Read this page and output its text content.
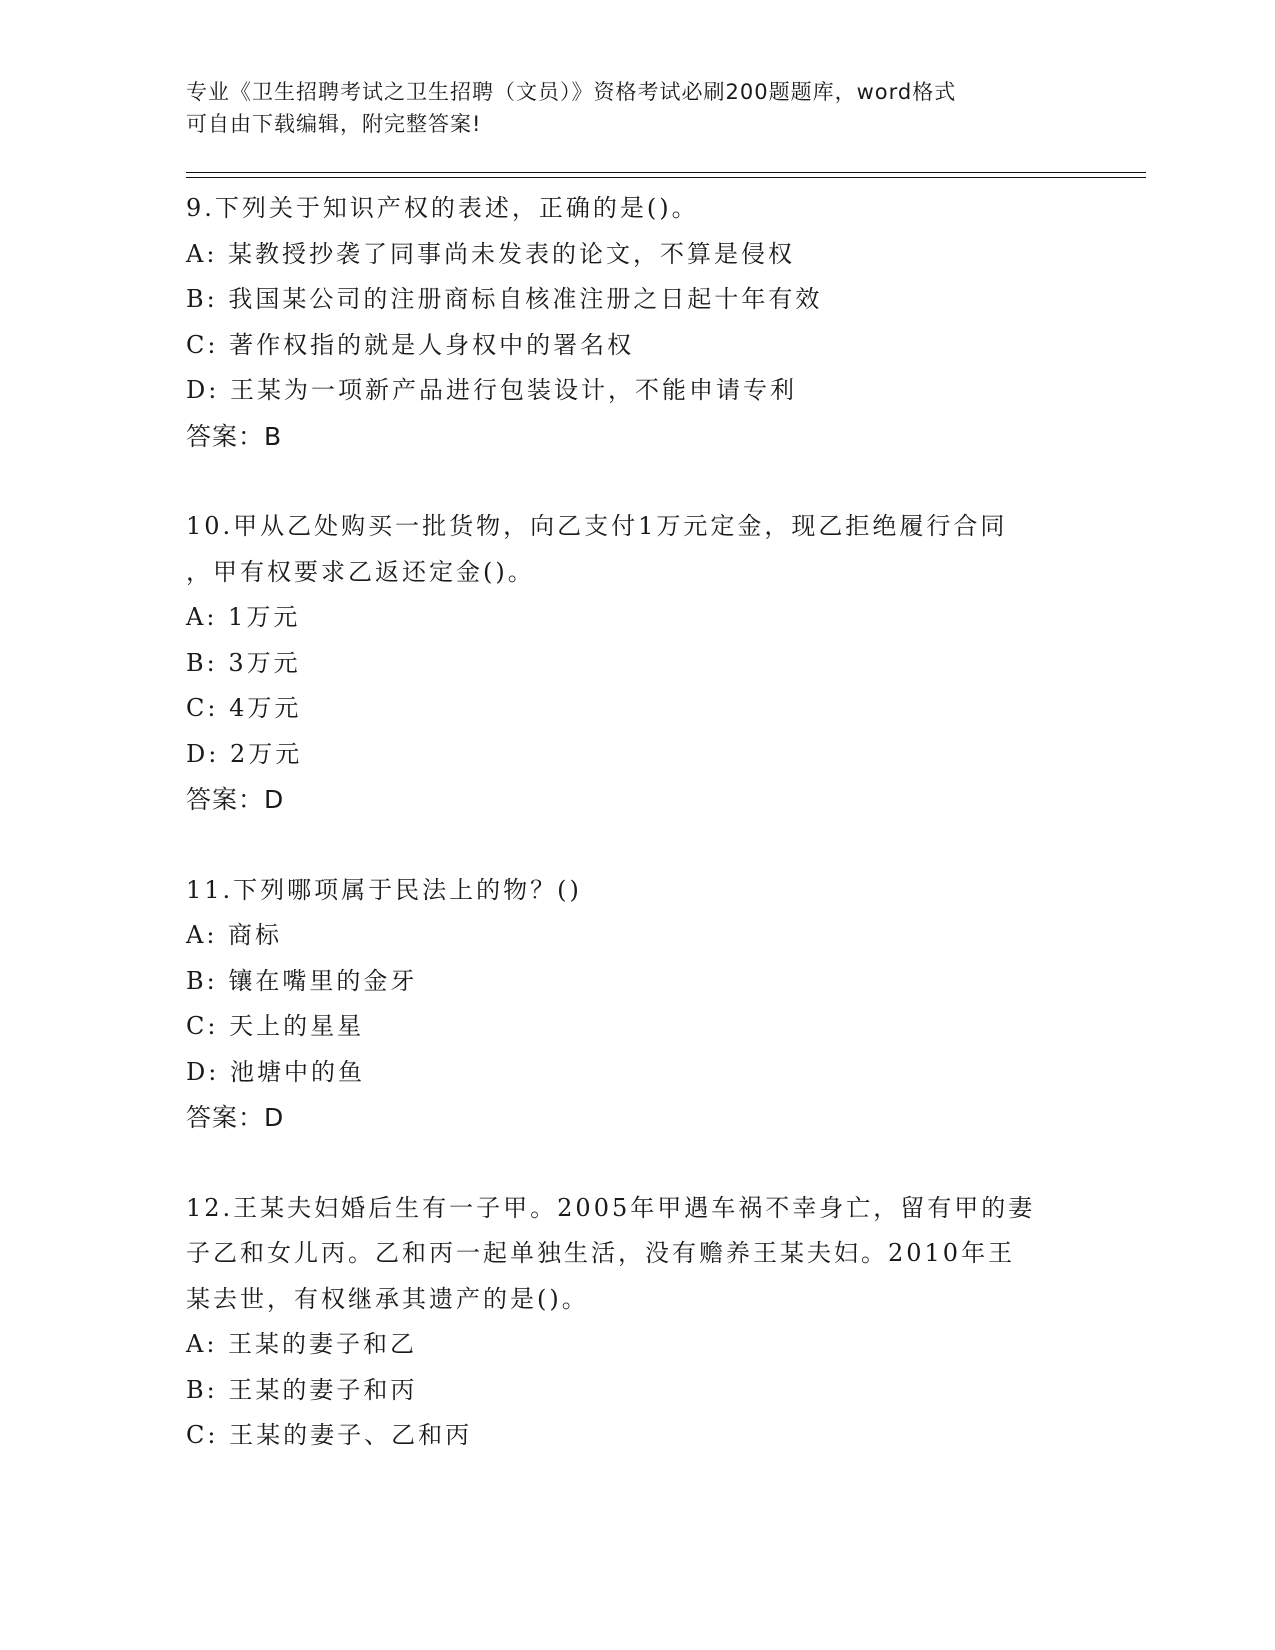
专业《卫生招聘考试之卫生招聘（文员）》资格考试必刷200题题库，word格式
可自由下载编辑，附完整答案!
9.下列关于知识产权的表述，正确的是()。
A: 某教授抄袭了同事尚未发表的论文，不算是侵权
B: 我国某公司的注册商标自核准注册之日起十年有效
C: 著作权指的就是人身权中的署名权
D: 王某为一项新产品进行包装设计，不能申请专利
答案：B
10.甲从乙处购买一批货物，向乙支付1万元定金，现乙拒绝履行合同
，甲有权要求乙返还定金()。
A: 1万元
B: 3万元
C: 4万元
D: 2万元
答案：D
11.下列哪项属于民法上的物？()
A: 商标
B: 镶在嘴里的金牙
C: 天上的星星
D: 池塘中的鱼
答案：D
12.王某夫妇婚后生有一子甲。2005年甲遇车祸不幸身亡，留有甲的妻
子乙和女儿丙。乙和丙一起单独生活，没有赡养王某夫妇。2010年王
某去世，有权继承其遗产的是()。
A: 王某的妻子和乙
B: 王某的妻子和丙
C: 王某的妻子、乙和丙
